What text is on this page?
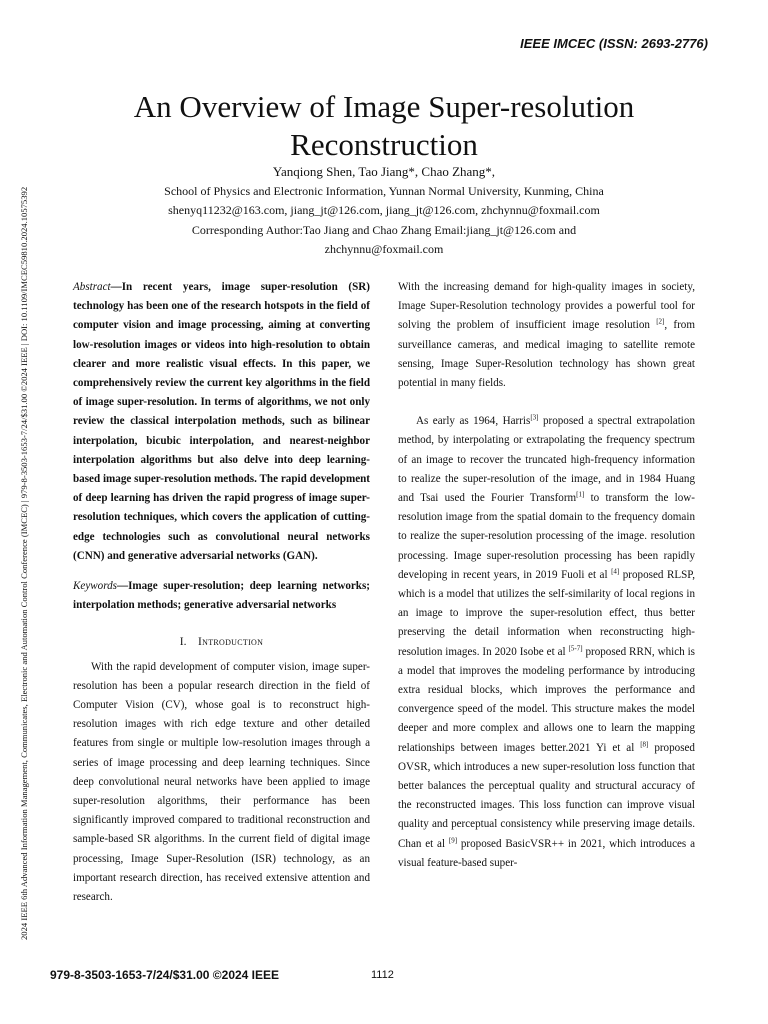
IEEE IMCEC (ISSN: 2693-2776)
2024 IEEE 6th Advanced Information Management, Communicates, Electronic and Automation Control Conference (IMCEC) | 979-8-3503-1653-7/24/$31.00 ©2024 IEEE | DOI: 10.1109/IMCEC59810.2024.10575392
An Overview of Image Super-resolution
Reconstruction
Yanqiong Shen, Tao Jiang*, Chao Zhang*,
School of Physics and Electronic Information, Yunnan Normal University, Kunming, China
shenyq11232@163.com, jiang_jt@126.com, jiang_jt@126.com, zhchynnu@foxmail.com
Corresponding Author:Tao Jiang and Chao Zhang Email:jiang_jt@126.com and
zhchynnu@foxmail.com

Abstract—In recent years, image super-resolution (SR) technology has been one of the research hotspots in the field of computer vision and image processing, aiming at converting low-resolution images or videos into high-resolution to obtain clearer and more realistic visual effects. In this paper, we comprehensively review the current key algorithms in the field of image super-resolution. In terms of algorithms, we not only review the classical interpolation methods, such as bilinear interpolation, bicubic interpolation, and nearest-neighbor interpolation algorithms but also delve into deep learning-based image super-resolution methods. The rapid development of deep learning has driven the rapid progress of image super-resolution techniques, which covers the application of cutting-edge technologies such as convolutional neural networks (CNN) and generative adversarial networks (GAN).

Keywords—Image super-resolution; deep learning networks; interpolation methods; generative adversarial networks

I. Introduction

With the rapid development of computer vision, image super-resolution has been a popular research direction in the field of Computer Vision (CV), whose goal is to reconstruct high-resolution images with rich edge texture and other detailed features from single or multiple low-resolution images through a series of image processing and deep learning techniques. Since deep convolutional neural networks have been applied to image super-resolution algorithms, their performance has been significantly improved compared to traditional reconstruction and sample-based SR algorithms. In the current field of digital image processing, Image Super-Resolution (ISR) technology, as an important research direction, has received extensive attention and research.

With the increasing demand for high-quality images in society, Image Super-Resolution technology provides a powerful tool for solving the problem of insufficient image resolution [2], from surveillance cameras, and medical imaging to satellite remote sensing, Image Super-Resolution technology has shown great potential in many fields.

As early as 1964, Harris[3] proposed a spectral extrapolation method, by interpolating or extrapolating the frequency spectrum of an image to recover the truncated high-frequency information to realize the super-resolution of the image, and in 1984 Huang and Tsai used the Fourier Transform[1] to transform the low-resolution image from the spatial domain to the frequency domain to realize the super-resolution processing of the image. resolution processing. Image super-resolution processing has been rapidly developing in recent years, in 2019 Fuoli et al [4] proposed RLSP, which is a model that utilizes the self-similarity of local regions in an image to improve the super-resolution effect, thus better preserving the detail information when reconstructing high-resolution images. In 2020 Isobe et al [5-7] proposed RRN, which is a model that improves the modeling performance by introducing extra residual blocks, which improves the performance and convergence speed of the model. This structure makes the model deeper and more complex and allows one to learn the mapping relationships between images better.2021 Yi et al [8] proposed OVSR, which introduces a new super-resolution loss function that better balances the perceptual quality and structural accuracy of the reconstructed images. This loss function can improve visual quality and perceptual consistency while preserving image details. Chan et al [9] proposed BasicVSR++ in 2021, which introduces a visual feature-based super-

979-8-3503-1653-7/24/$31.00 ©2024 IEEE	1112
